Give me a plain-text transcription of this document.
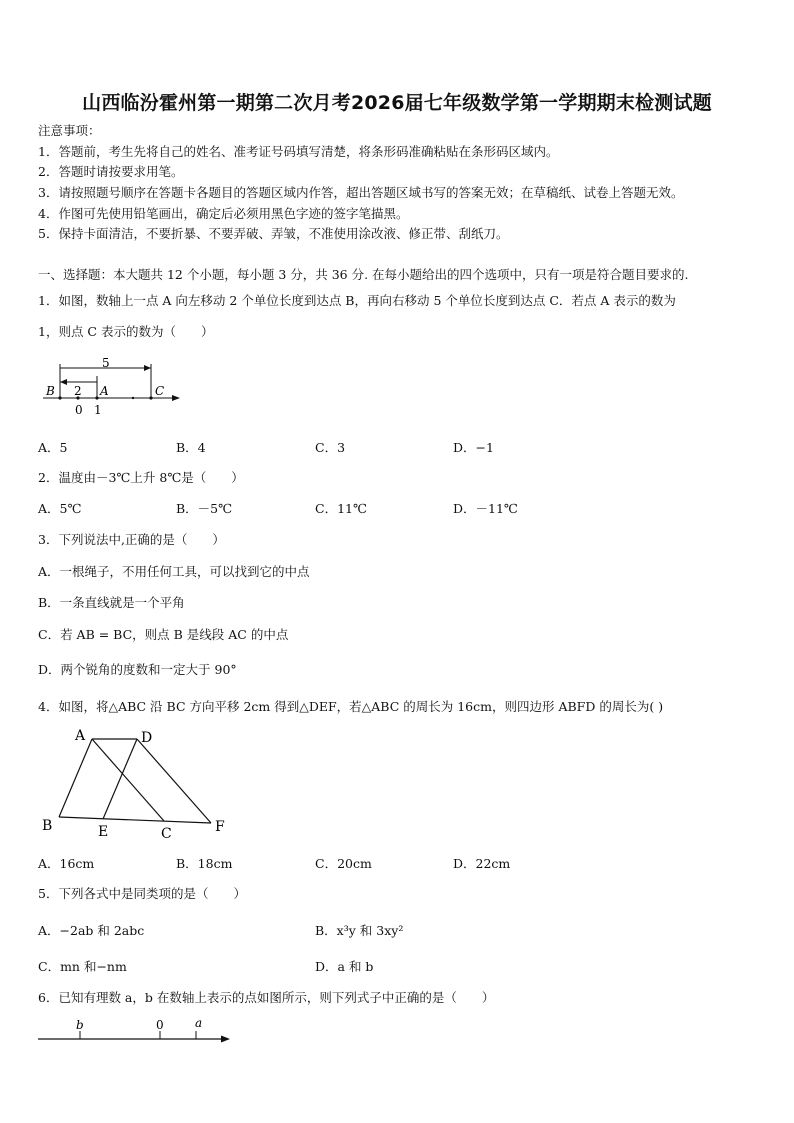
山西临汾霍州第一期第二次月考2026届七年级数学第一学期期末检测试题
注意事项：
1．答题前，考生先将自己的姓名、准考证号码填写清楚，将条形码准确粘贴在条形码区域内。
2．答题时请按要求用笔。
3．请按照题号顺序在答题卡各题目的答题区域内作答，超出答题区域书写的答案无效；在草稿纸、试卷上答题无效。
4．作图可先使用铅笔画出，确定后必须用黑色字迹的签字笔描黑。
5．保持卡面清洁，不要折暴、不要弄破、弄皱，不准使用涂改液、修正带、刮纸刀。
一、选择题：本大题共 12 个小题，每小题 3 分，共 36 分. 在每小题给出的四个选项中，只有一项是符合题目要求的.
1．如图，数轴上一点 A 向左移动 2 个单位长度到达点 B，再向右移动 5 个单位长度到达点 C．若点 A 表示的数为
1，则点 C 表示的数为（　　）
5
2
B	A	C
0 1
A．5	B．4	C．3	D．−1
2．温度由－3℃上升 8℃是（　　）
A．5℃	B．－5℃	C．11℃	D．－11℃
3．下列说法中,正确的是（　　）
A．一根绳子，不用任何工具，可以找到它的中点
B．一条直线就是一个平角
C．若 AB = BC，则点 B 是线段 AC 的中点
D．两个锐角的度数和一定大于 90°
4．如图，将△ABC 沿 BC 方向平移 2cm 得到△DEF，若△ABC 的周长为 16cm，则四边形 ABFD 的周长为( )
A	D
B	E	C	F
A．16cm	B．18cm	C．20cm	D．22cm
5．下列各式中是同类项的是（　　）
A．−2ab 和 2abc	B．x³y 和 3xy²
C．mn 和−nm	D．a 和 b
6．已知有理数 a，b 在数轴上表示的点如图所示，则下列式子中正确的是（　　）
b	0	a
